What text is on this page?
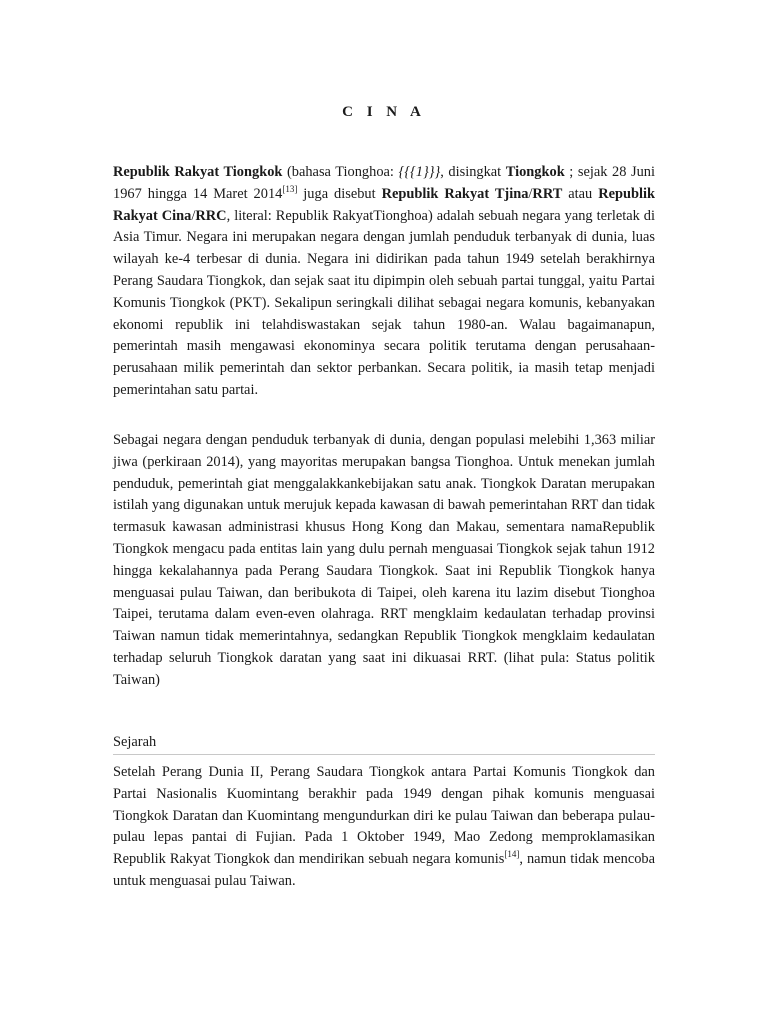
C I N A

Republik Rakyat Tiongkok (bahasa Tionghoa: {{{1}}}, disingkat Tiongkok ; sejak 28 Juni 1967 hingga 14 Maret 2014[13] juga disebut Republik Rakyat Tjina/RRT atau Republik Rakyat Cina/RRC, literal: Republik RakyatTionghoa) adalah sebuah negara yang terletak di Asia Timur. Negara ini merupakan negara dengan jumlah penduduk terbanyak di dunia, luas wilayah ke-4 terbesar di dunia. Negara ini didirikan pada tahun 1949 setelah berakhirnya Perang Saudara Tiongkok, dan sejak saat itu dipimpin oleh sebuah partai tunggal, yaitu Partai Komunis Tiongkok (PKT). Sekalipun seringkali dilihat sebagai negara komunis, kebanyakan ekonomi republik ini telahdiswastakan sejak tahun 1980-an. Walau bagaimanapun, pemerintah masih mengawasi ekonominya secara politik terutama dengan perusahaan-perusahaan milik pemerintah dan sektor perbankan. Secara politik, ia masih tetap menjadi pemerintahan satu partai.

Sebagai negara dengan penduduk terbanyak di dunia, dengan populasi melebihi 1,363 miliar jiwa (perkiraan 2014), yang mayoritas merupakan bangsa Tionghoa. Untuk menekan jumlah penduduk, pemerintah giat menggalakkankebijakan satu anak. Tiongkok Daratan merupakan istilah yang digunakan untuk merujuk kepada kawasan di bawah pemerintahan RRT dan tidak termasuk kawasan administrasi khusus Hong Kong dan Makau, sementara namaRepublik Tiongkok mengacu pada entitas lain yang dulu pernah menguasai Tiongkok sejak tahun 1912 hingga kekalahannya pada Perang Saudara Tiongkok. Saat ini Republik Tiongkok hanya menguasai pulau Taiwan, dan beribukota di Taipei, oleh karena itu lazim disebut Tionghoa Taipei, terutama dalam even-even olahraga. RRT mengklaim kedaulatan terhadap provinsi Taiwan namun tidak memerintahnya, sedangkan Republik Tiongkok mengklaim kedaulatan terhadap seluruh Tiongkok daratan yang saat ini dikuasai RRT. (lihat pula: Status politik Taiwan)

Sejarah

Setelah Perang Dunia II, Perang Saudara Tiongkok antara Partai Komunis Tiongkok dan Partai Nasionalis Kuomintang berakhir pada 1949 dengan pihak komunis menguasai Tiongkok Daratan dan Kuomintang mengundurkan diri ke pulau Taiwan dan beberapa pulau-pulau lepas pantai di Fujian. Pada 1 Oktober 1949, Mao Zedong memproklamasikan Republik Rakyat Tiongkok dan mendirikan sebuah negara komunis[14], namun tidak mencoba untuk menguasai pulau Taiwan.
